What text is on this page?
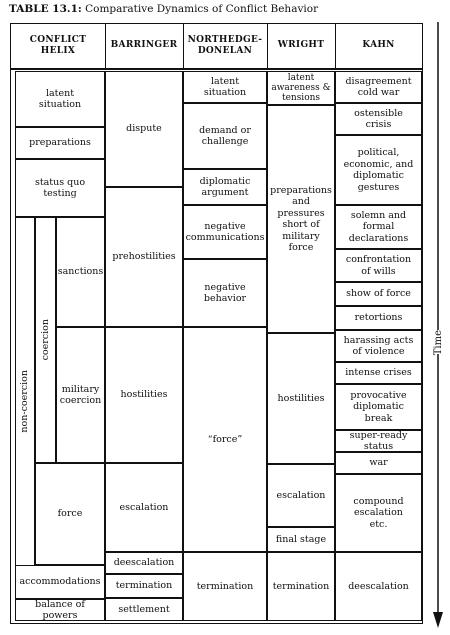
TABLE 13.1: Comparative Dynamics of Conflict Behavior
CONFLICT HELIX
BARRINGER
NORTHEDGE-DONELAN
WRIGHT	KAHN
latent situation
preparations
status quo testing
non-coercion
coercion
sanctions
military coercion
force
accommodations
balance of powers
dispute
prehostilities
hostilities
escalation
deescalation
termination
settlement
latent situation
demand or challenge
diplomatic argument
negative communications
negative behavior
“force”
termination
latent awareness & tensions
preparations and pressures short of military force
hostilities
escalation
final stage
termination
disagreement cold war
ostensible crisis
political, economic, and diplomatic gestures
solemn and formal declarations
confrontation of wills
show of force
retortions
harassing acts of violence
intense crises
provocative diplomatic break
super-ready status
war
compound escalation etc.
deescalation
Time
